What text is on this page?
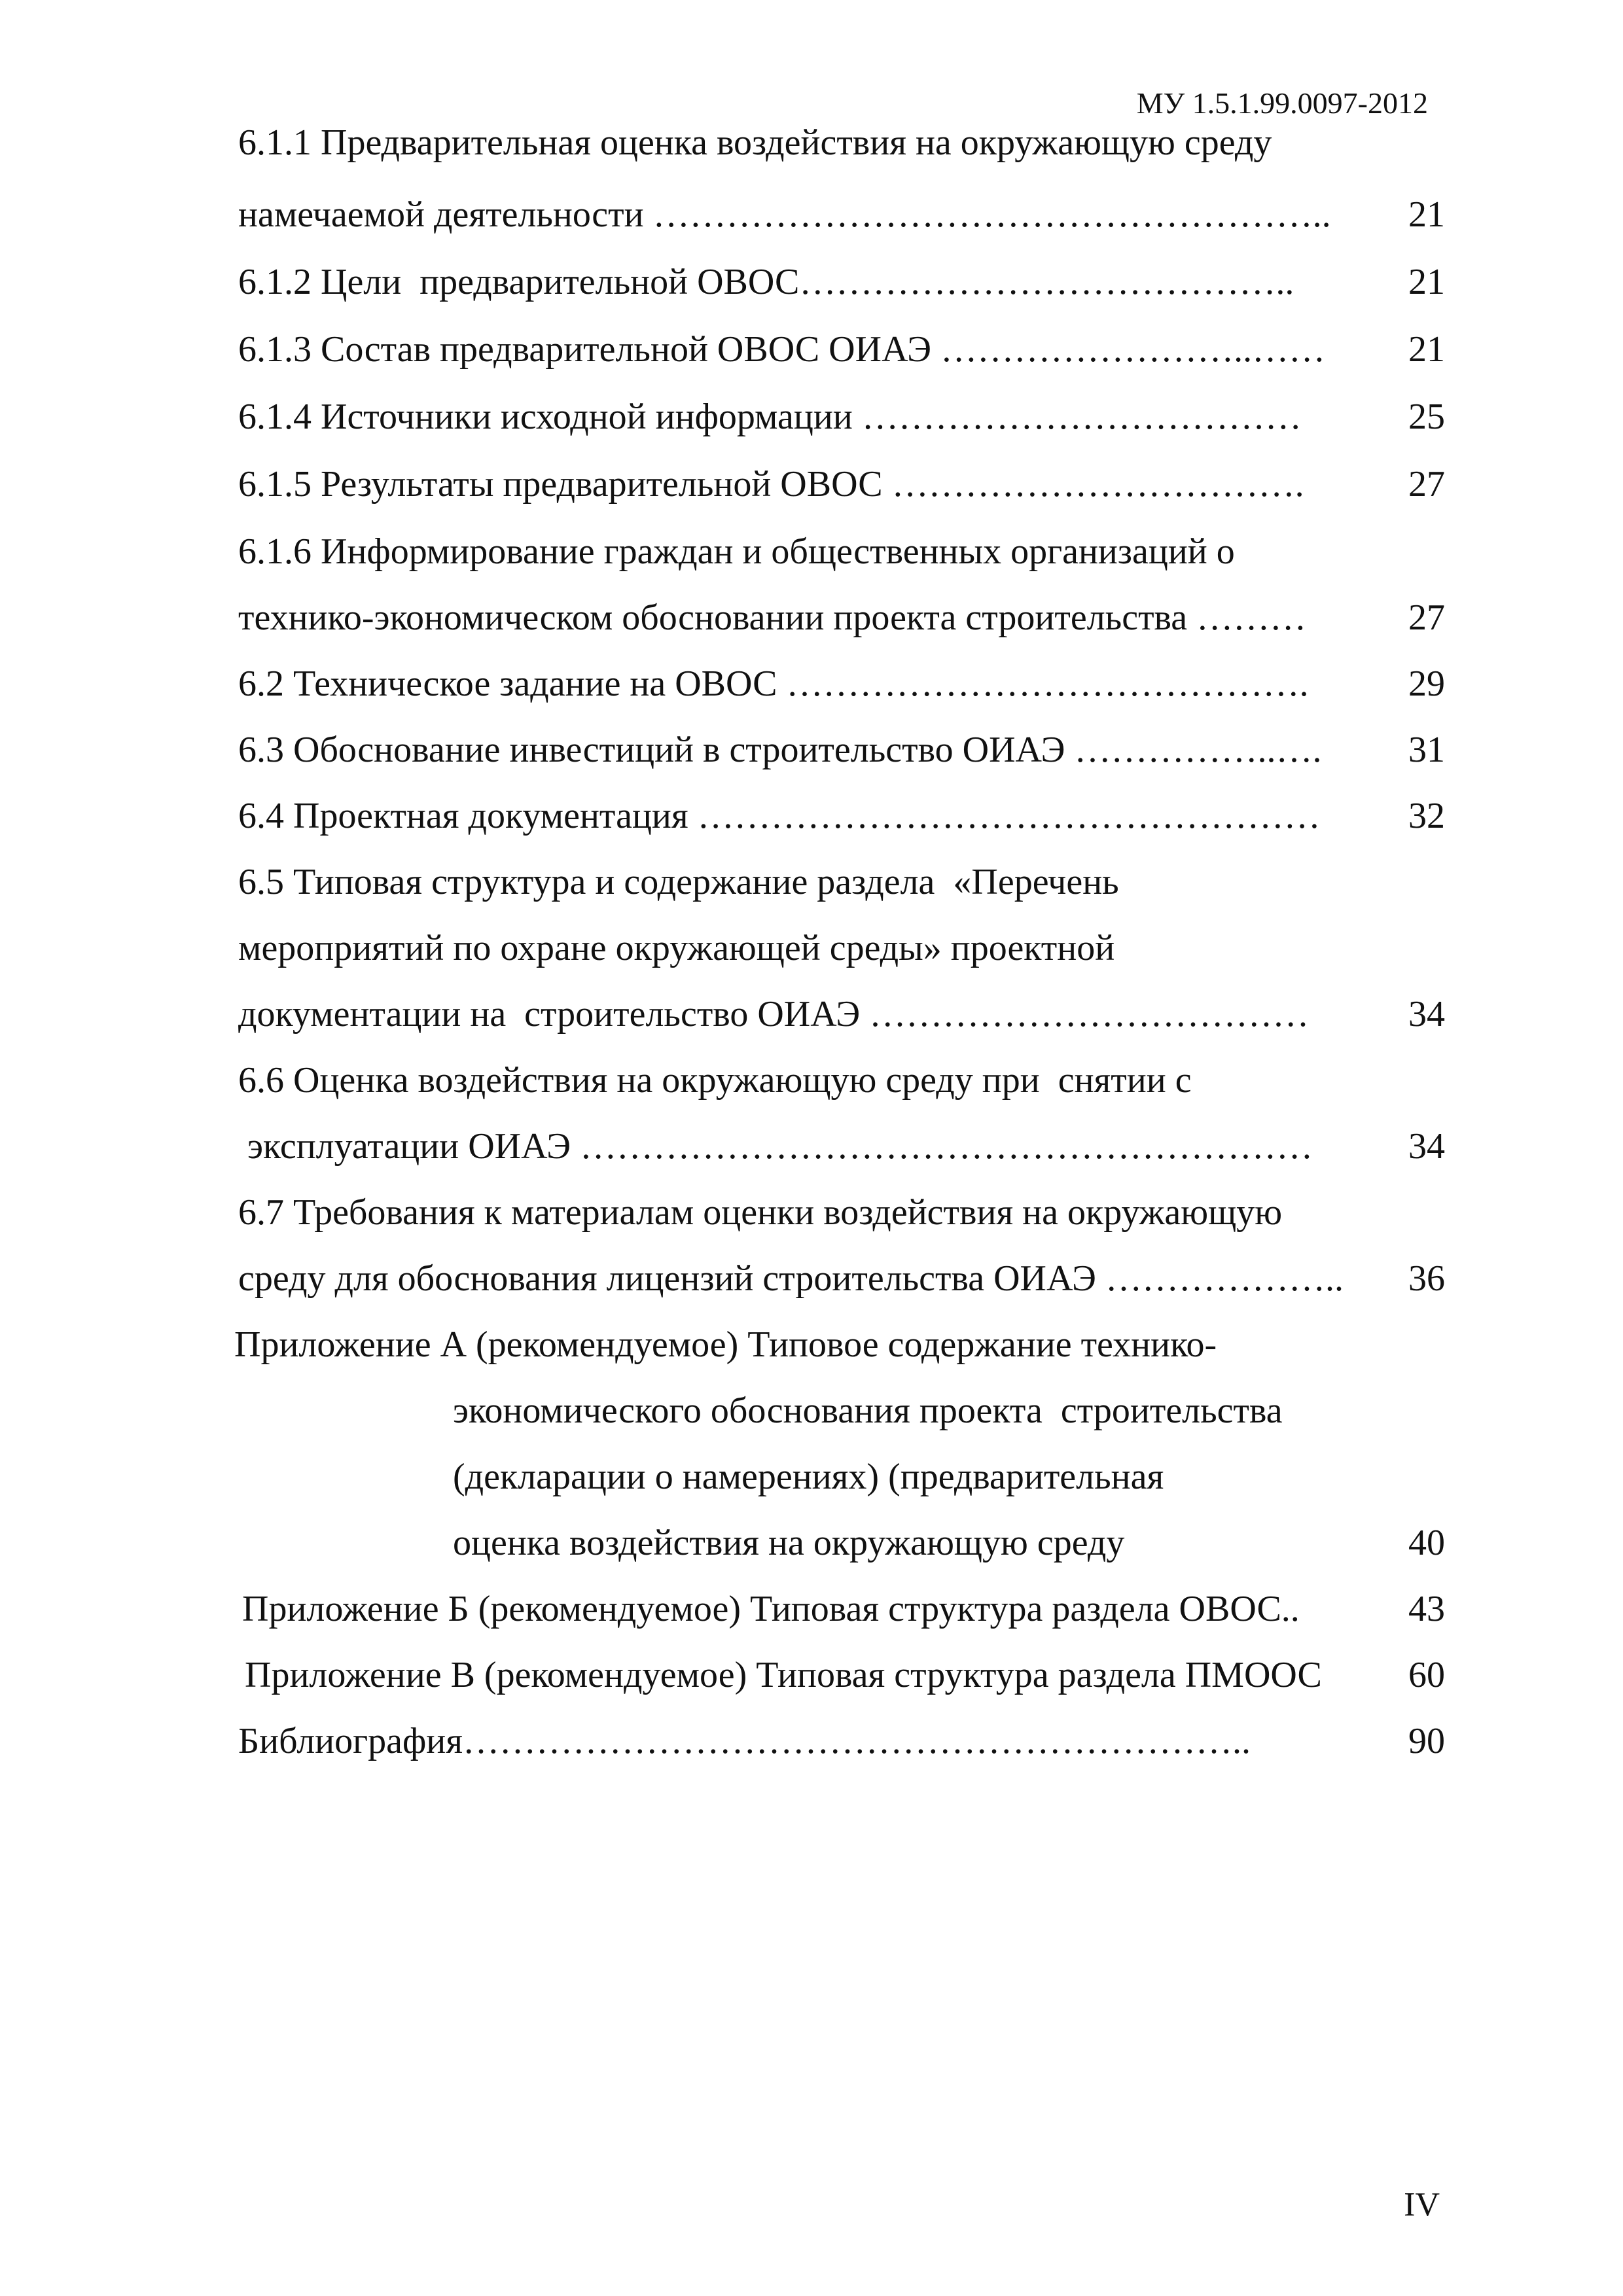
МУ 1.5.1.99.0097-2012
6.1.1 Предварительная оценка воздействия на окружающую среду
намечаемой деятельности ………………………………………………..	21
6.1.2 Цели  предварительной ОВОС…………………………………..	21
6.1.3 Состав предварительной ОВОС ОИАЭ ……………………..……	21
6.1.4 Источники исходной информации ………………………………	25
6.1.5 Результаты предварительной ОВОС …………………………….	27
6.1.6 Информирование граждан и общественных организаций о
технико-экономическом обосновании проекта строительства ………	27
6.2 Техническое задание на ОВОС …………………………………….	29
6.3 Обоснование инвестиций в строительство ОИАЭ ……………..….	31
6.4 Проектная документация ……………………………………………	32
6.5 Типовая структура и содержание раздела  «Перечень
мероприятий по охране окружающей среды» проектной
документации на  строительство ОИАЭ ………………………………	34
6.6 Оценка воздействия на окружающую среду при  снятии с
эксплуатации ОИАЭ ……………………………………………………	34
6.7 Требования к материалам оценки воздействия на окружающую
среду для обоснования лицензий строительства ОИАЭ ………………..	36
Приложение А (рекомендуемое) Типовое содержание технико-
экономического обоснования проекта  строительства
(декларации о намерениях) (предварительная
оценка воздействия на окружающую среду	40
Приложение Б (рекомендуемое) Типовая структура раздела ОВОС..	43
Приложение В (рекомендуемое) Типовая структура раздела ПМООС	60
Библиография………………………………………………………..	90
IV
